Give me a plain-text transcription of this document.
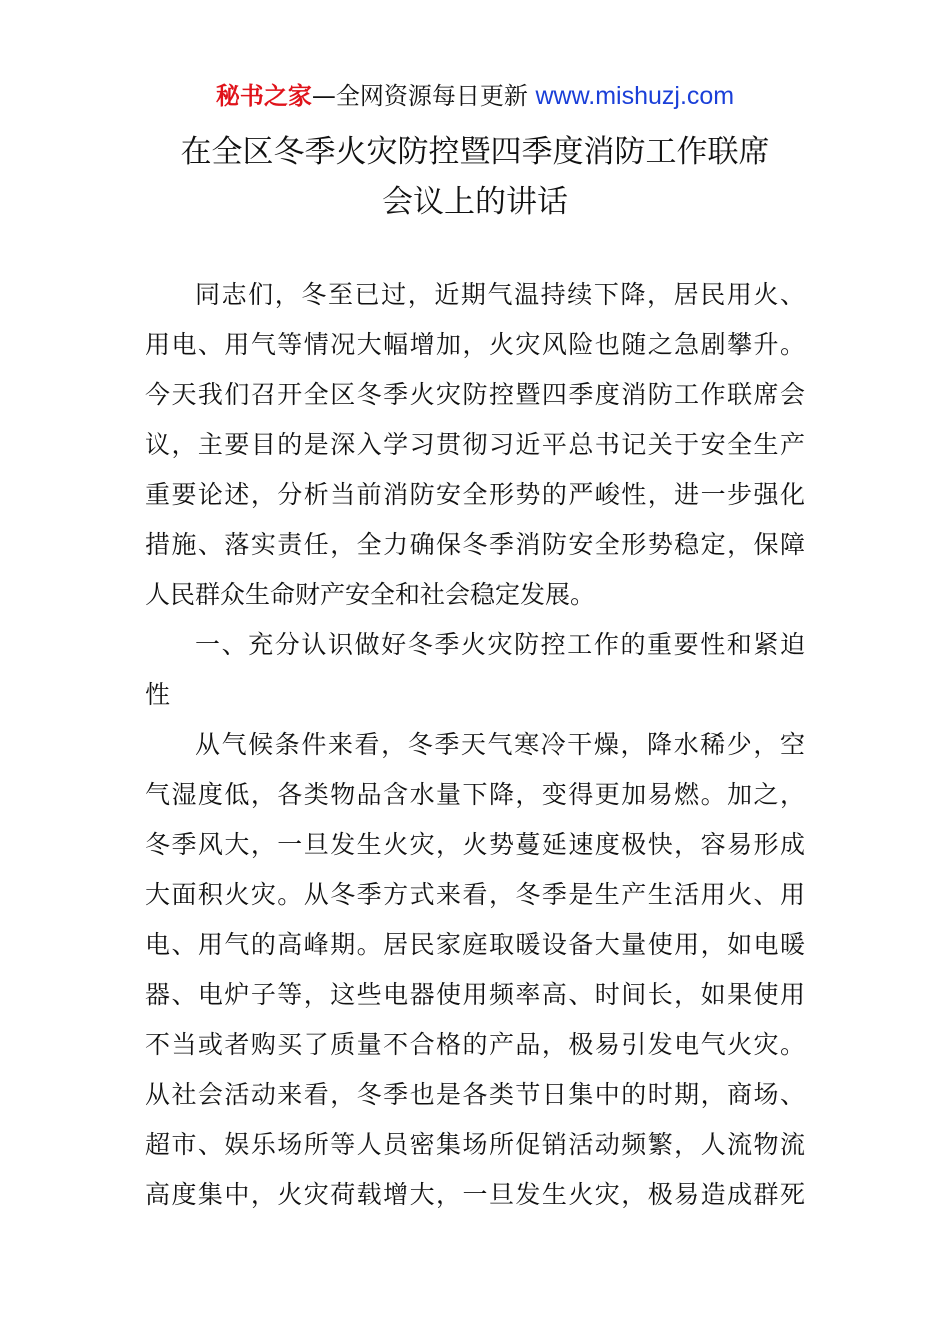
秘书之家—全网资源每日更新 www.mishuzj.com
在全区冬季火灾防控暨四季度消防工作联席
会议上的讲话
同志们，冬至已过，近期气温持续下降，居民用火、
用电、用气等情况大幅增加，火灾风险也随之急剧攀升。
今天我们召开全区冬季火灾防控暨四季度消防工作联席会
议，主要目的是深入学习贯彻习近平总书记关于安全生产
重要论述，分析当前消防安全形势的严峻性，进一步强化
措施、落实责任，全力确保冬季消防安全形势稳定，保障
人民群众生命财产安全和社会稳定发展。
一、充分认识做好冬季火灾防控工作的重要性和紧迫
性
从气候条件来看，冬季天气寒冷干燥，降水稀少，空
气湿度低，各类物品含水量下降，变得更加易燃。加之，
冬季风大，一旦发生火灾，火势蔓延速度极快，容易形成
大面积火灾。从冬季方式来看，冬季是生产生活用火、用
电、用气的高峰期。居民家庭取暖设备大量使用，如电暖
器、电炉子等，这些电器使用频率高、时间长，如果使用
不当或者购买了质量不合格的产品，极易引发电气火灾。
从社会活动来看，冬季也是各类节日集中的时期，商场、
超市、娱乐场所等人员密集场所促销活动频繁，人流物流
高度集中，火灾荷载增大，一旦发生火灾，极易造成群死
